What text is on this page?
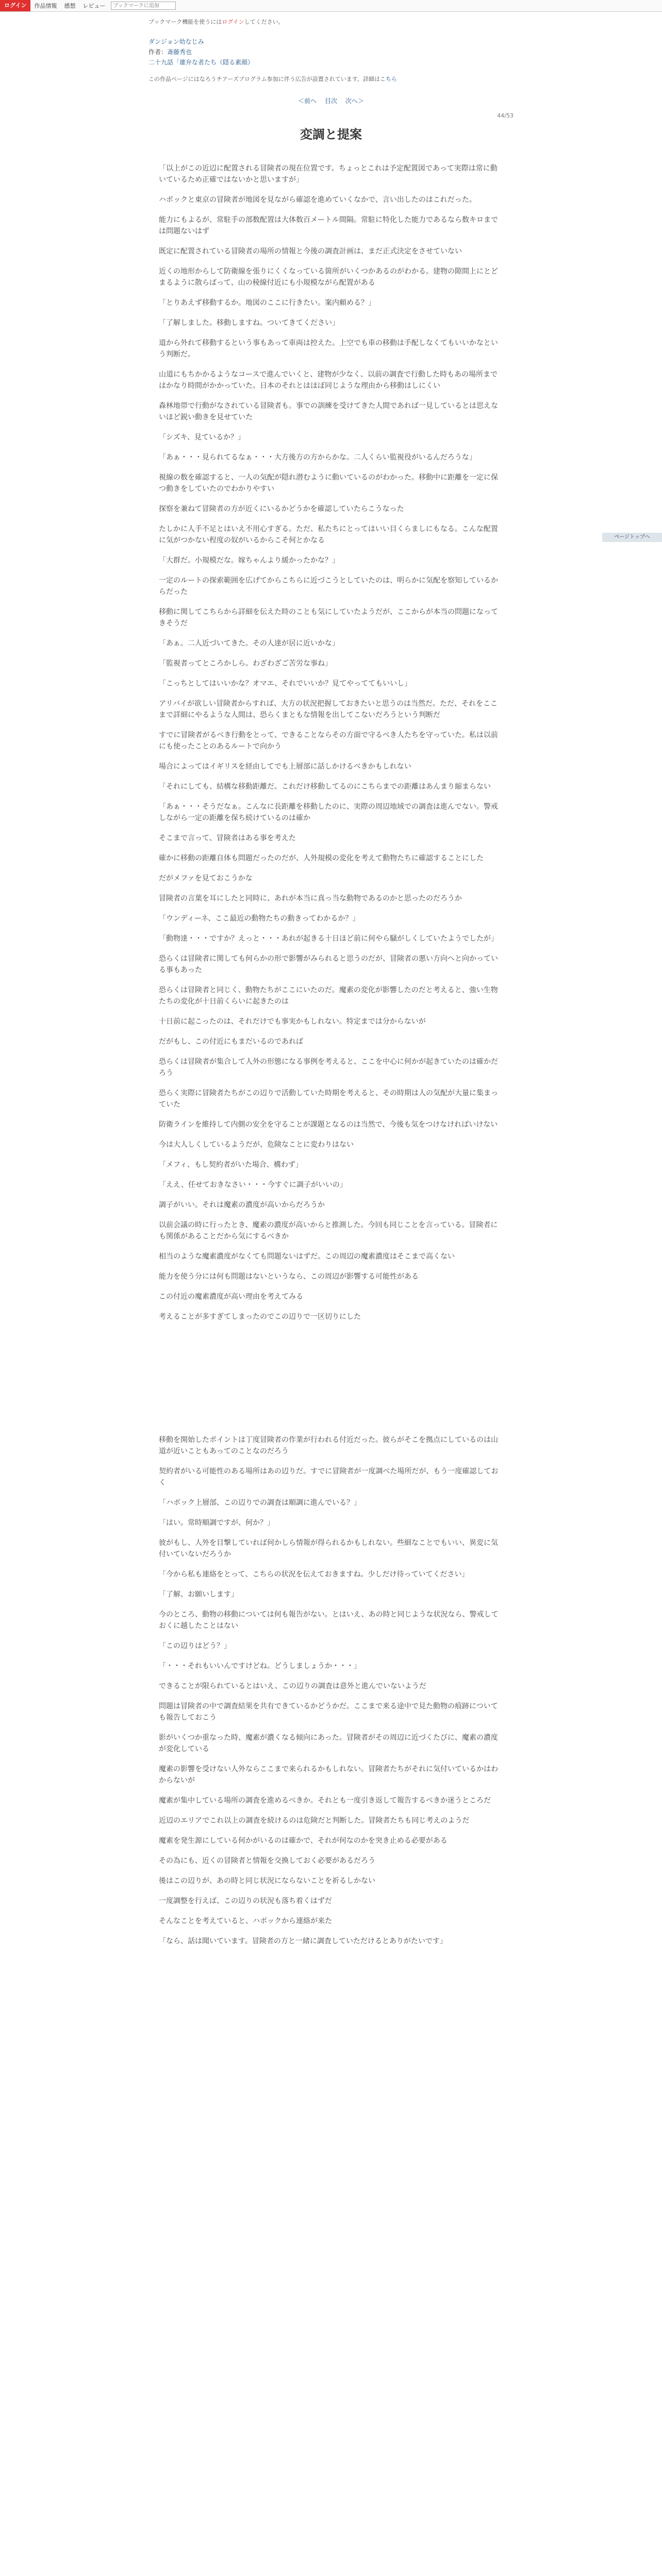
ログイン	作品情報	感想	レビュー
ブックマークに追加
ブックマーク機能を使うにはログインしてください。
ダンジョン幼なじみ
作者：斎藤秀也
二十九話「雄弁な者たち（隠る素顔）
この作品ページにはなろうチアーズプログラム参加に伴う広告が設置されています。詳細はこちら
＜前へ 目次 次へ＞
44/53
変調と提案

「以上がこの近辺に配置される冒険者の現在位置です。ちょっとこれは予定配置図であって実際は常に動いているため正確ではないかと思いますが」

ハボックと東京の冒険者が地図を見ながら確認を進めていくなかで、言い出したのはこれだった。

能力にもよるが、常駐手の部数配置は大体数百メートル間隔。常駐に特化した能力であるなら数キロまでは問題ないはず

既定に配置されている冒険者の場所の情報と今後の調査計画は、まだ正式決定をさせていない

近くの地形からして防衛線を張りにくくなっている箇所がいくつかあるのがわかる。建物の隙間上にとどまるように散らばって、山の稜線付近にも小規模ながら配置がある

「とりあえず移動するか。地図のここに行きたい。案内頼める？」

「了解しました。移動しますね。ついてきてください」

道から外れて移動するという事もあって車両は控えた。上空でも車の移動は手配しなくてもいいかなという判断だ。

山道にもちかかるようなコースで進んでいくと、建物が少なく、以前の調査で行動した時もあの場所まではかなり時間がかかっていた。日本のそれとはほぼ同じような理由から移動はしにくい

森林地帯で行動がなされている冒険者も。事での訓練を受けてきた人間であれば一見しているとは思えないほど鋭い動きを見せていた

「シズキ、見ているか？」

「あぁ・・・見られてるなぁ・・・大方後方の方からかな。二人くらい監視役がいるんだろうな」

視線の数を確認すると、一人の気配が隠れ潜むように動いているのがわかった。移動中に距離を一定に保つ動きをしていたのでわかりやすい

探察を兼ねて冒険者の方が近くにいるかどうかを確認していたらこうなった

たしかに人手不足とはいえ不用心すぎる。ただ、私たちにとってはいい目くらましにもなる。こんな配置に気がつかない程度の奴がいるからこそ何とかなる

「大群だ。小規模だな。嫁ちゃんより緩かったかな？」

一定のルートの探索範囲を広げてからこちらに近づこうとしていたのは、明らかに気配を察知しているからだった

移動に関してこちらから詳細を伝えた時のことも気にしていたようだが、ここからが本当の問題になってきそうだ

「あぁ。二人近づいてきた。その人達が居に近いかな」

「監視者ってところかしら。わざわざご苦労な事ね」

「こっちとしてはいいかな？オマエ、それでいいか？見てやっててもいいし」

アリバイが欲しい冒険者からすれば、大方の状況把握しておきたいと思うのは当然だ。ただ、それをここまで詳細にやるような人間は、恐らくまともな情報を出してこないだろうという判断だ

すでに冒険者がるべき行動をとって、できることならその方面で守るべき人たちを守っていた。私は以前にも使ったことのあるルートで向かう

場合によってはイギリスを経由してでも上層部に話しかけるべきかもしれない

「それにしても、結構な移動距離だ。これだけ移動してるのにこちらまでの距離はあんまり縮まらない

「あぁ・・・そうだなぁ。こんなに長距離を移動したのに、実際の周辺地域での調査は進んでない。警戒しながら一定の距離を保ち続けているのは確か

そこまで言って、冒険者はある事を考えた

確かに移動の距離自体も問題だったのだが、人外規模の変化を考えて動物たちに確認することにした

だがメファを見ておこうかな

冒険者の言葉を耳にしたと同時に、あれが本当に真っ当な動物であるのかと思ったのだろうか

「ウンディーネ、ここ最近の動物たちの動きってわかるか？」

「動物達・・・ですか？えっと・・・あれが起きる十日ほど前に何やら騒がしくしていたようでしたが」

恐らくは冒険者に関しても何らかの形で影響がみられると思うのだが、冒険者の悪い方向へと向かっている事もあった

恐らくは冒険者と同じく、動物たちがここにいたのだ。魔素の変化が影響したのだと考えると、強い生物たちの変化が十日前くらいに起きたのは

十日前に起こったのは、それだけでも事実かもしれない。特定までは分からないが

だがもし、この付近にもまだいるのであれば

恐らくは冒険者が集合して人外の形態になる事例を考えると、ここを中心に何かが起きていたのは確かだろう

恐らく実際に冒険者たちがこの辺りで活動していた時期を考えると、その時期は人の気配が大量に集まっていた

防衛ラインを維持して内側の安全を守ることが課題となるのは当然で、今後も気をつけなければいけない

今は大人しくしているようだが、危険なことに変わりはない

「メフィ、もし契約者がいた場合、構わず」

「ええ、任せておきなさい・・・今すぐに調子がいいの」

調子がいい。それは魔素の濃度が高いからだろうか

以前会議の時に行ったとき、魔素の濃度が高いからと推測した。今回も同じことを言っている。冒険者にも関係があることだから気にするべきか

相当のような魔素濃度がなくても問題ないはずだ。この周辺の魔素濃度はそこまで高くない

能力を使う分には何も問題はないというなら、この周辺が影響する可能性がある

この付近の魔素濃度が高い理由を考えてみる

考えることが多すぎてしまったのでこの辺りで一区切りにした

移動を開始したポイントは丁度冒険者の作業が行われる付近だった。彼らがそこを拠点にしているのは山道が近いこともあってのことなのだろう

契約者がいる可能性のある場所はあの辺りだ。すでに冒険者が一度調べた場所だが、もう一度確認しておく

「ハボック上層部、この辺りでの調査は順調に進んでいる？」

「はい。常時順調ですが、何か？」

彼がもし、人外を目撃していれば何かしら情報が得られるかもしれない。些細なことでもいい、異変に気付いていないだろうか

「今から私も連絡をとって、こちらの状況を伝えておきますね。少しだけ待っていてください」

「了解、お願いします」

今のところ、動物の移動については何も報告がない。とはいえ、あの時と同じような状況なら、警戒しておくに越したことはない

「この辺りはどう？」

「・・・それもいいんですけどね。どうしましょうか・・・」

できることが限られているとはいえ、この辺りの調査は意外と進んでいないようだ

問題は冒険者の中で調査結果を共有できているかどうかだ。ここまで来る途中で見た動物の痕跡についても報告しておこう

影がいくつか重なった時、魔素が濃くなる傾向にあった。冒険者がその周辺に近づくたびに、魔素の濃度が変化している

魔素の影響を受けない人外ならここまで来られるかもしれない。冒険者たちがそれに気付いているかはわからないが

魔素が集中している場所の調査を進めるべきか。それとも一度引き返して報告するべきか迷うところだ

近辺のエリアでこれ以上の調査を続けるのは危険だと判断した。冒険者たちも同じ考えのようだ

魔素を発生源にしている何かがいるのは確かで、それが何なのかを突き止める必要がある

その為にも、近くの冒険者と情報を交換しておく必要があるだろう

後はこの辺りが、あの時と同じ状況にならないことを祈るしかない

一度調整を行えば、この辺りの状況も落ち着くはずだ

そんなことを考えていると、ハボックから連絡が来た

「なら、話は聞いています。冒険者の方と一緒に調査していただけるとありがたいです」

ページトップへ
